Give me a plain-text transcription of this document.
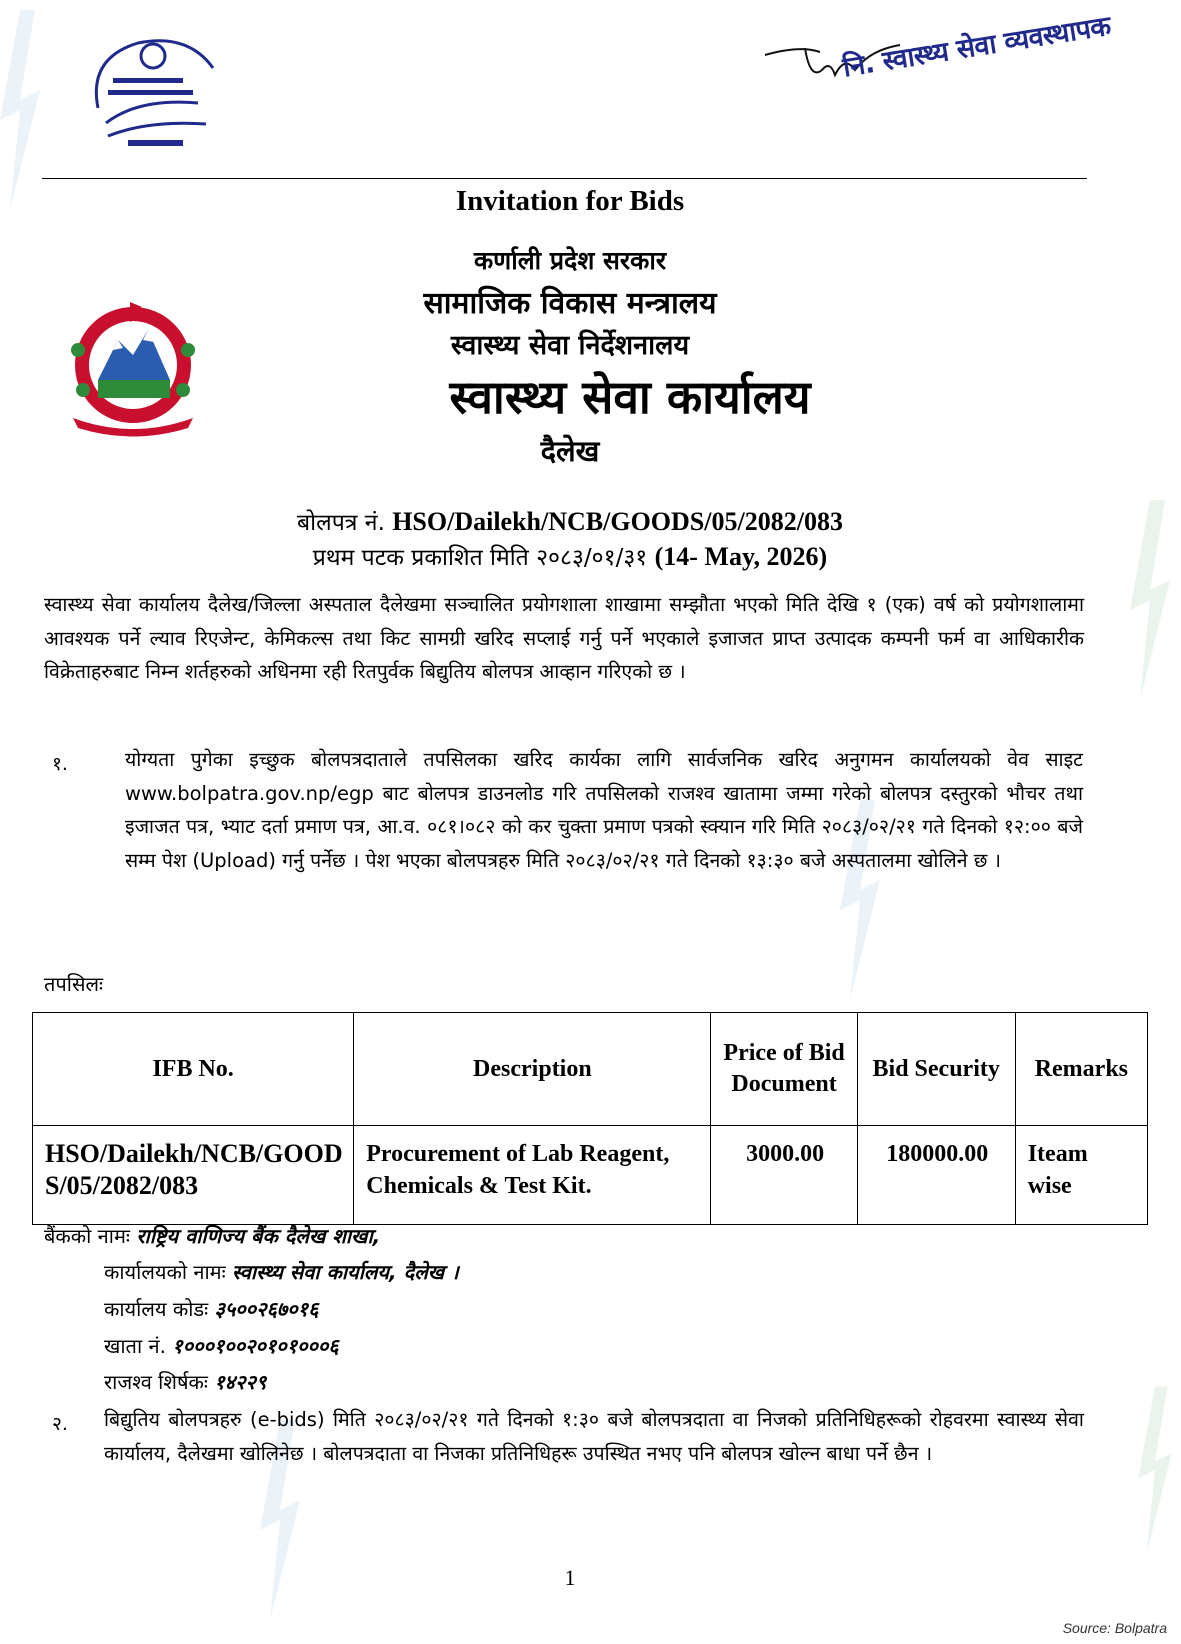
नि. स्वास्थ्य सेवा व्यवस्थापक
Invitation for Bids
कर्णाली प्रदेश सरकार
सामाजिक विकास मन्त्रालय
स्वास्थ्य सेवा निर्देशनालय
स्वास्थ्य सेवा कार्यालय
दैलेख
बोलपत्र नं. HSO/Dailekh/NCB/GOODS/05/2082/083
प्रथम पटक प्रकाशित मिति २०८३/०१/३१ (14- May, 2026)
स्वास्थ्य सेवा कार्यालय दैलेख/जिल्ला अस्पताल दैलेखमा सञ्चालित प्रयोगशाला शाखामा सम्झौता भएको मिति देखि १ (एक) वर्ष को प्रयोगशालामा आवश्यक पर्ने ल्याव रिएजेन्ट, केमिकल्स तथा किट सामग्री खरिद सप्लाई गर्नु पर्ने भएकाले इजाजत प्राप्त उत्पादक कम्पनी फर्म वा आधिकारीक विक्रेताहरुबाट निम्न शर्तहरुको अधिनमा रही रितपुर्वक बिद्युतिय बोलपत्र आव्हान गरिएको छ ।
१.	योग्यता पुगेका इच्छुक बोलपत्रदाताले तपसिलका खरिद कार्यका लागि सार्वजनिक खरिद अनुगमन कार्यालयको वेव साइट www.bolpatra.gov.np/egp बाट बोलपत्र डाउनलोड गरि तपसिलको राजश्व खातामा जम्मा गरेको बोलपत्र दस्तुरको भौचर तथा इजाजत पत्र, भ्याट दर्ता प्रमाण पत्र, आ.व. ०८१।०८२ को कर चुक्ता प्रमाण पत्रको स्क्यान गरि मिति २०८३/०२/२१ गते दिनको १२:०० बजे सम्म पेश (Upload) गर्नु पर्नेछ । पेश भएका बोलपत्रहरु मिति २०८३/०२/२१ गते दिनको १३:३० बजे अस्पतालमा खोलिने छ ।
तपसिलः
IFB No.	Description	Price of Bid Document	Bid Security	Remarks
HSO/Dailekh/NCB/GOODS/05/2082/083	Procurement of Lab Reagent, Chemicals & Test Kit.	3000.00	180000.00	Iteam wise
बैंकको नामः राष्ट्रिय वाणिज्य बैंक दैलेख शाखा,
कार्यालयको नामः स्वास्थ्य सेवा कार्यालय, दैलेख ।
कार्यालय कोडः ३५००२६७०१६
खाता नं. १०००१००२०१०१०००६
राजश्व शिर्षकः १४२२९
२. बिद्युतिय बोलपत्रहरु (e-bids) मिति २०८३/०२/२१ गते दिनको १:३० बजे बोलपत्रदाता वा निजको प्रतिनिधिहरूको रोहवरमा स्वास्थ्य सेवा कार्यालय, दैलेखमा खोलिनेछ । बोलपत्रदाता वा निजका प्रतिनिधिहरू उपस्थित नभए पनि बोलपत्र खोल्न बाधा पर्ने छैन ।
1
Source: Bolpatra
